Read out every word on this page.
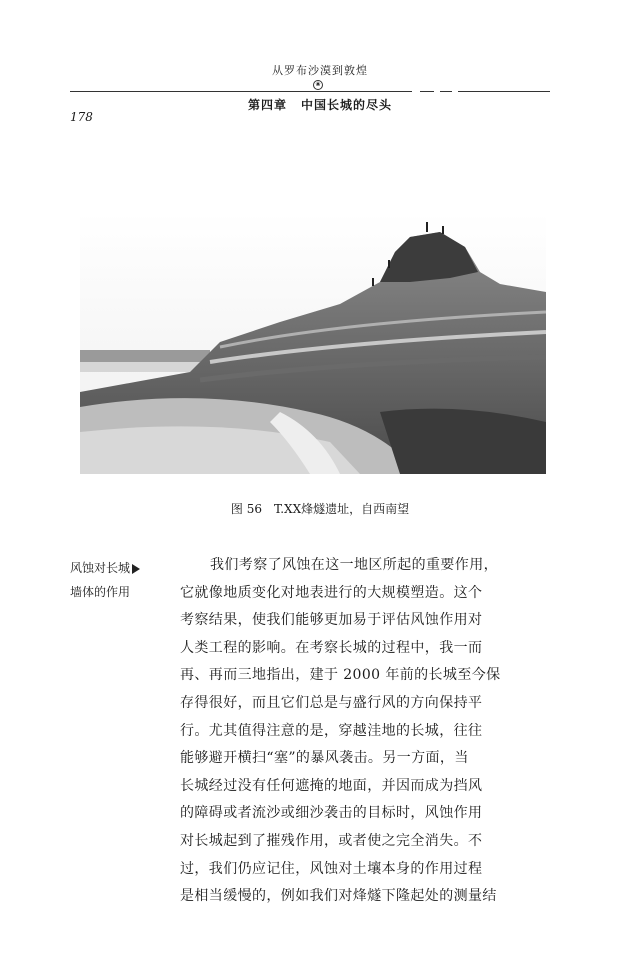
从罗布沙漠到敦煌
❀
第四章 中国长城的尽头
178
图 56 T.XX烽燧遗址，自西南望
风蚀对长城
墙体的作用
我们考察了风蚀在这一地区所起的重要作用，
它就像地质变化对地表进行的大规模塑造。这个
考察结果，使我们能够更加易于评估风蚀作用对
人类工程的影响。在考察长城的过程中，我一而
再、再而三地指出，建于 2000 年前的长城至今保
存得很好，而且它们总是与盛行风的方向保持平
行。尤其值得注意的是，穿越洼地的长城，往往
能够避开横扫“塞”的暴风袭击。另一方面，当
长城经过没有任何遮掩的地面，并因而成为挡风
的障碍或者流沙或细沙袭击的目标时，风蚀作用
对长城起到了摧残作用，或者使之完全消失。不
过，我们仍应记住，风蚀对土壤本身的作用过程
是相当缓慢的，例如我们对烽燧下隆起处的测量结
